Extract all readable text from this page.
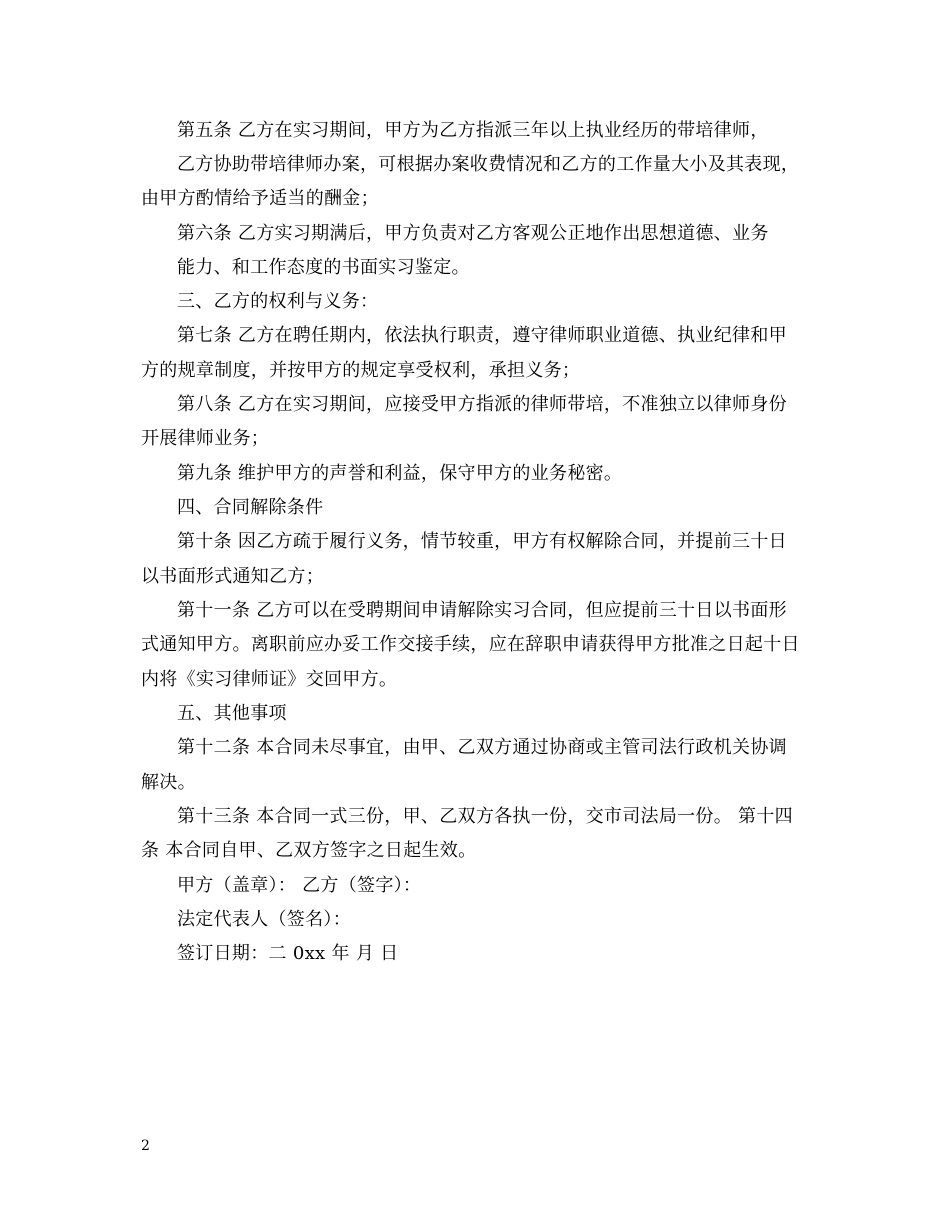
第五条 乙方在实习期间，甲方为乙方指派三年以上执业经历的带培律师，
乙方协助带培律师办案，可根据办案收费情况和乙方的工作量大小及其表现，
由甲方酌情给予适当的酬金；
第六条 乙方实习期满后，甲方负责对乙方客观公正地作出思想道德、业务
能力、和工作态度的书面实习鉴定。
三、乙方的权利与义务：
第七条 乙方在聘任期内，依法执行职责，遵守律师职业道德、执业纪律和甲
方的规章制度，并按甲方的规定享受权利，承担义务；
第八条 乙方在实习期间，应接受甲方指派的律师带培，不准独立以律师身份
开展律师业务；
第九条 维护甲方的声誉和利益，保守甲方的业务秘密。
四、合同解除条件
第十条 因乙方疏于履行义务，情节较重，甲方有权解除合同，并提前三十日
以书面形式通知乙方；
第十一条 乙方可以在受聘期间申请解除实习合同，但应提前三十日以书面形
式通知甲方。离职前应办妥工作交接手续，应在辞职申请获得甲方批准之日起十日
内将《实习律师证》交回甲方。
五、其他事项
第十二条 本合同未尽事宜，由甲、乙双方通过协商或主管司法行政机关协调
解决。
第十三条 本合同一式三份，甲、乙双方各执一份，交市司法局一份。 第十四
条 本合同自甲、乙双方签字之日起生效。
甲方（盖章）： 乙方（签字）：
法定代表人（签名）：
签订日期：二 0xx 年 月 日
2
